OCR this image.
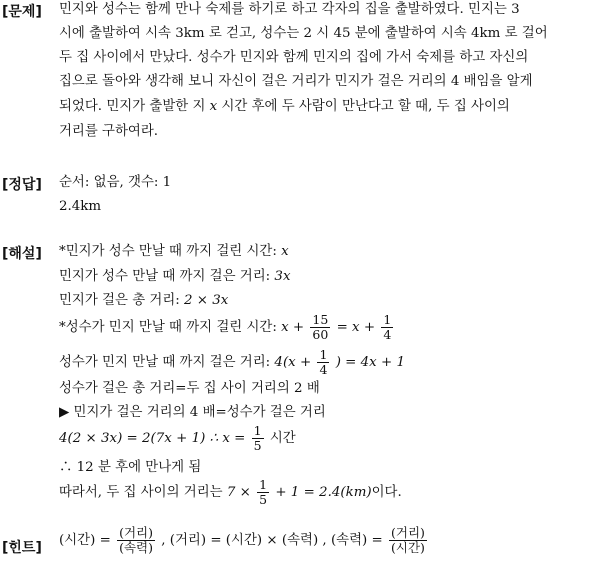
[문제] 민지와 성수는 함께 만나 숙제를 하기로 하고 각자의 집을 출발하였다. 민지는 3
시에 출발하여 시속 3km 로 걷고, 성수는 2 시 45 분에 출발하여 시속 4km 로 걸어
두 집 사이에서 만났다. 성수가 민지와 함께 민지의 집에 가서 숙제를 하고 자신의
집으로 돌아와 생각해 보니 자신이 걸은 거리가 민지가 걸은 거리의 4 배임을 알게
되었다. 민지가 출발한 지 x 시간 후에 두 사람이 만난다고 할 때, 두 집 사이의
거리를 구하여라.
[정답] 순서: 없음, 갯수: 1
2.4km
[해설] *민지가 성수 만날 때 까지 걸린 시간: x
민지가 성수 만날 때 까지 걸은 거리: 3x
민지가 걸은 총 거리: 2 × 3x
*성수가 민지 만날 때 까지 걸린 시간: $x + \frac{15}{60} = x + \frac{1}{4}$
성수가 민지 만날 때 까지 걸은 거리: $4(x + \frac{1}{4}$ ) = 4x + 1
성수가 걸은 총 거리=두 집 사이 거리의 2 배
▶ 민지가 걸은 거리의 4 배=성수가 걸은 거리
4(2 × 3x) = 2(7x + 1) ∴ $x = \frac{1}{5}$ 시간
∴ 12 분 후에 만나게 됨
따라서, 두 집 사이의 거리는 $7 \times \frac{1}{5} + 1 = 2.4(km)$이다.
[힌트] (시간) = $\frac{\text{(거리)}}{\text{(속력)}}$ , (거리) = (시간) × (속력) , (속력) = $\frac{\text{(거리)}}{\text{(시간)}}$
